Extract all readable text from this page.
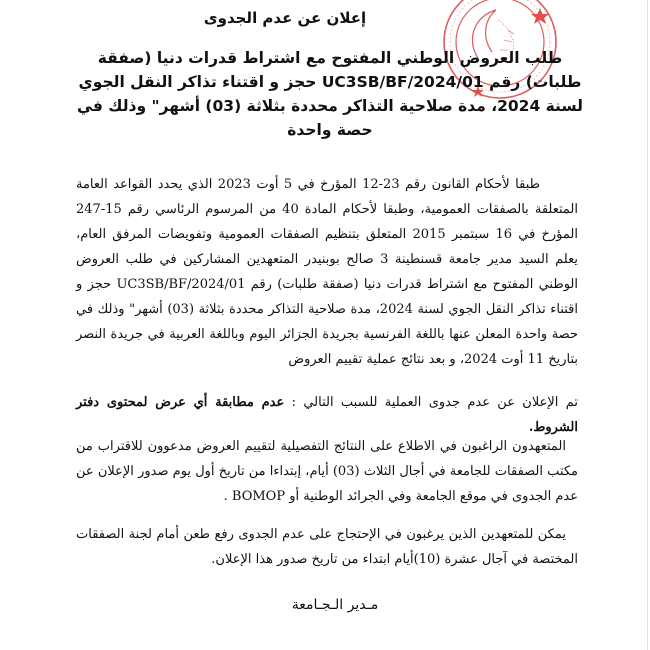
إعلان عن عدم الجدوى
طلب العروض الوطني المفتوح مع اشتراط قدرات دنيا (صفقة طلبات) رقم 01/UC3SB/BF/2024 حجز و اقتناء تذاكر النقل الجوي لسنة 2024، مدة صلاحية التذاكر محددة بثلاثة (03) أشهر" وذلك في حصة واحدة
طبقا لأحكام القانون رقم 23-12 المؤرخ في 5 أوت 2023 الذي يحدد القواعد العامة المتعلقة بالصفقات العمومية، وطبقا لأحكام المادة 40 من المرسوم الرئاسي رقم 15-247 المؤرخ في 16 سبتمبر 2015 المتعلق بتنظيم الصفقات العمومية وتفويضات المرفق العام، يعلم السيد مدير جامعة قسنطينة 3 صالح بوبنيدر المتعهدين المشاركين في طلب العروض الوطني المفتوح مع اشتراط قدرات دنيا (صفقة طلبات) رقم 01/UC3SB/BF/2024 حجز و اقتناء تذاكر النقل الجوي لسنة 2024، مدة صلاحية التذاكر محددة بثلاثة (03) أشهر" وذلك في حصة واحدة المعلن عنها باللغة الفرنسية بجريدة الجزائر اليوم وباللغة العربية في جريدة النصر بتاريخ 11 أوت 2024، و بعد نتائج عملية تقييم العروض
تم الإعلان عن عدم جدوى العملية للسبب التالي : عدم مطابقة أي عرض لمحتوى دفتر الشروط.
المتعهدون الراغبون في الاطلاع على النتائج التفصيلية لتقييم العروض مدعوون للاقتراب من مكتب الصفقات للجامعة في أجال الثلاث (03) أيام، إبتداءا من تاريخ أول يوم صدور الإعلان عن عدم الجدوى في موقع الجامعة وفي الجرائد الوطنية أو BOMOP .
يمكن للمتعهدين الذين يرغبون في الإحتجاج على عدم الجدوى رفع طعن أمام لجنة الصفقات المختصة في آجال عشرة (10)أيام ابتداء من تاريخ صدور هذا الإعلان.
مـدير الـجـامعة
